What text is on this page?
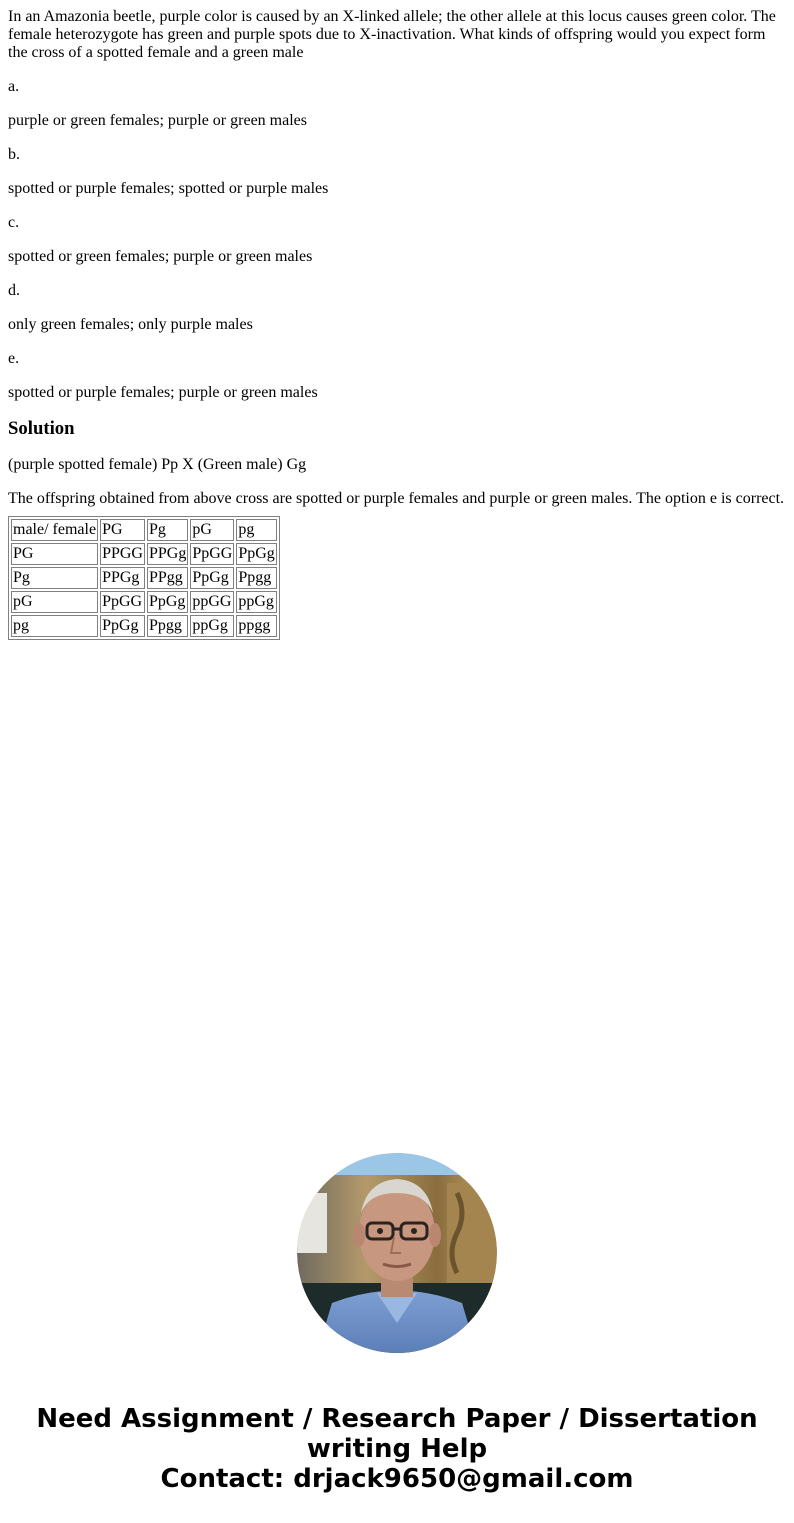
In an Amazonia beetle, purple color is caused by an X-linked allele; the other allele at this locus causes green color. The female heterozygote has green and purple spots due to X-inactivation. What kinds of offspring would you expect form the cross of a spotted female and a green male

a.

purple or green females; purple or green males

b.

spotted or purple females; spotted or purple males

c.

spotted or green females; purple or green males

d.

only green females; only purple males

e.

spotted or purple females; purple or green males

Solution

(purple spotted female) Pp X (Green male) Gg

The offspring obtained from above cross are spotted or purple females and purple or green males. The option e is correct.

male/ female	PG	Pg	pG	pg
PG	PPGG	PPGg	PpGG	PpGg
Pg	PPGg	PPgg	PpGg	Ppgg
pG	PpGG	PpGg	ppGG	ppGg
pg	PpGg	Ppgg	ppGg	ppgg
Need Assignment / Research Paper / Dissertation
writing Help
Contact: drjack9650@gmail.com
